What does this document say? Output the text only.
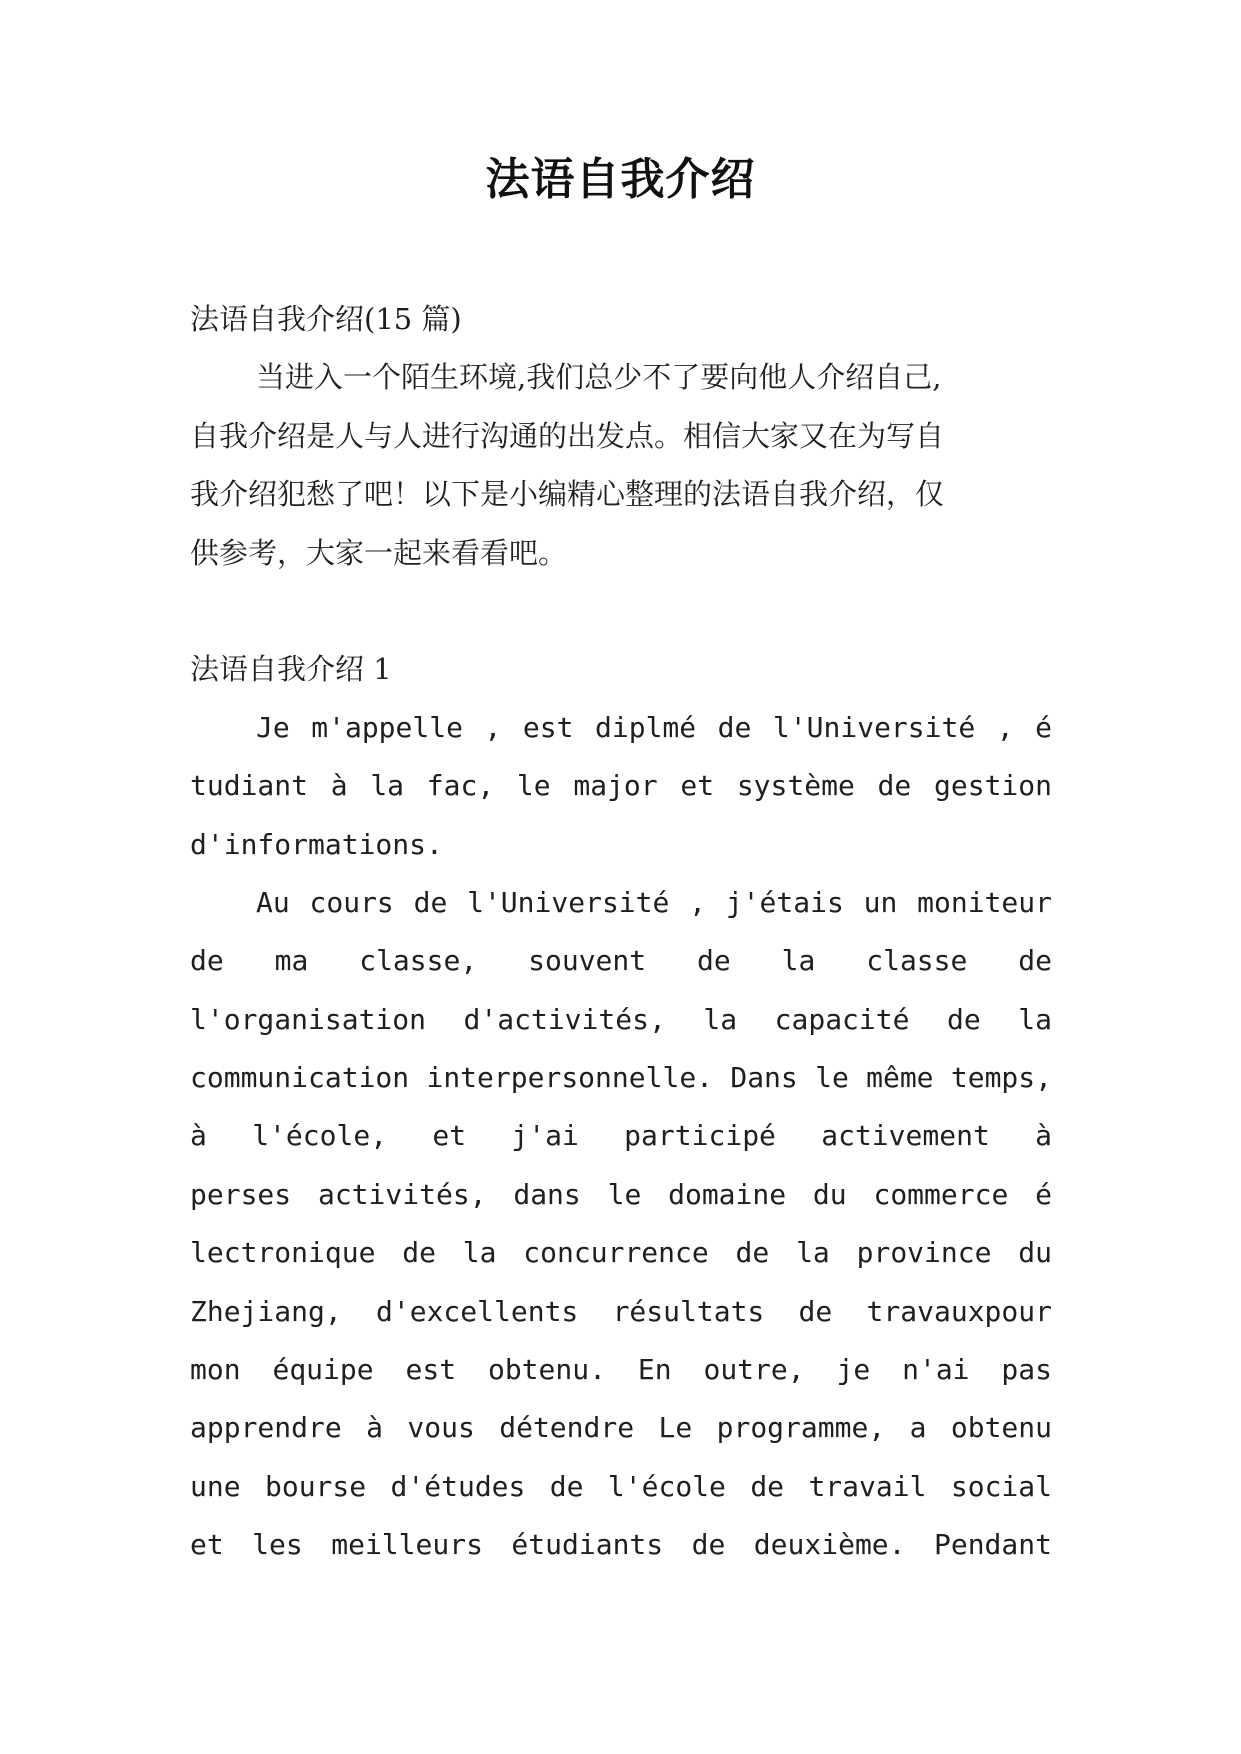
法语自我介绍

法语自我介绍(15 篇)

当进入一个陌生环境,我们总少不了要向他人介绍自己,

自我介绍是人与人进行沟通的出发点。相信大家又在为写自

我介绍犯愁了吧！以下是小编精心整理的法语自我介绍，仅

供参考，大家一起来看看吧。

法语自我介绍 1

Je m'appelle , est diplmé de l'Université , é

tudiant à la fac, le major et système de gestion

d'informations.

Au cours de l'Université , j'étais un moniteur

de ma classe, souvent de la classe de

l'organisation d'activités, la capacité de la

communication interpersonnelle. Dans le même temps,

à l'école, et j'ai participé activement à

perses activités, dans le domaine du commerce é

lectronique de la concurrence de la province du

Zhejiang, d'excellents résultats de travauxpour

mon équipe est obtenu. En outre, je n'ai pas

apprendre à vous détendre Le programme, a obtenu

une bourse d'études de l'école de travail social

et les meilleurs étudiants de deuxième. Pendant
